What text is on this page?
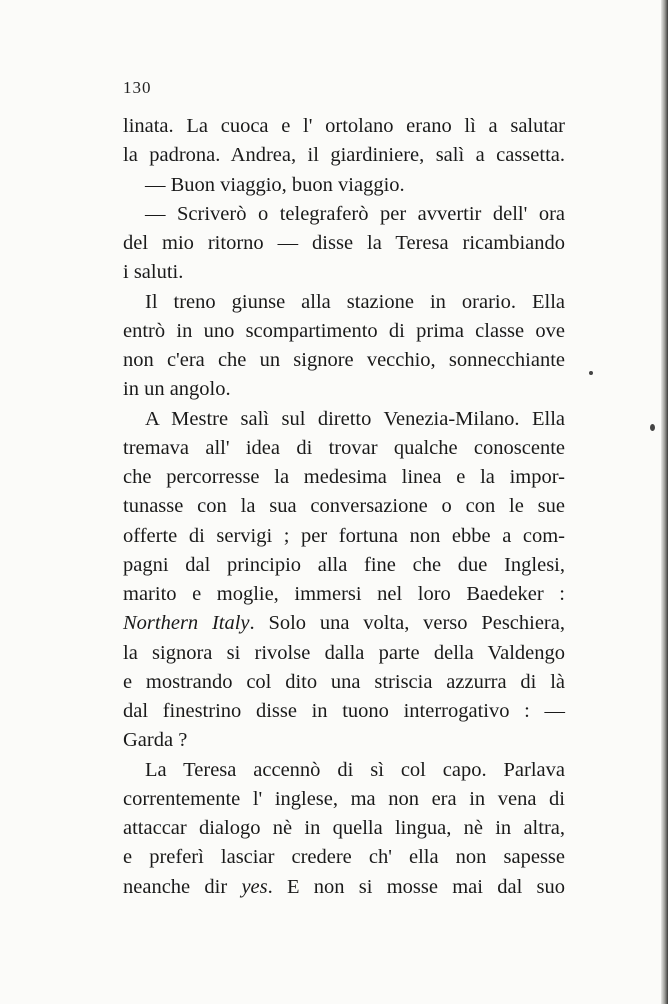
130
linata. La cuoca e l' ortolano erano lì a salutar
la padrona. Andrea, il giardiniere, salì a cassetta.
— Buon viaggio, buon viaggio.
— Scriverò o telegraferò per avvertir dell' ora
del mio ritorno — disse la Teresa ricambiando
i saluti.
Il treno giunse alla stazione in orario. Ella
entrò in uno scompartimento di prima classe ove
non c'era che un signore vecchio, sonnecchiante
in un angolo.
A Mestre salì sul diretto Venezia-Milano. Ella
tremava all' idea di trovar qualche conoscente
che percorresse la medesima linea e la impor-
tunasse con la sua conversazione o con le sue
offerte di servigi ; per fortuna non ebbe a com-
pagni dal principio alla fine che due Inglesi,
marito e moglie, immersi nel loro Baedeker :
Northern Italy. Solo una volta, verso Peschiera,
la signora si rivolse dalla parte della Valdengo
e mostrando col dito una striscia azzurra di là
dal finestrino disse in tuono interrogativo : —
Garda ?
La Teresa accennò di sì col capo. Parlava
correntemente l' inglese, ma non era in vena di
attaccar dialogo nè in quella lingua, nè in altra,
e preferì lasciar credere ch' ella non sapesse
neanche dir yes. E non si mosse mai dal suo
